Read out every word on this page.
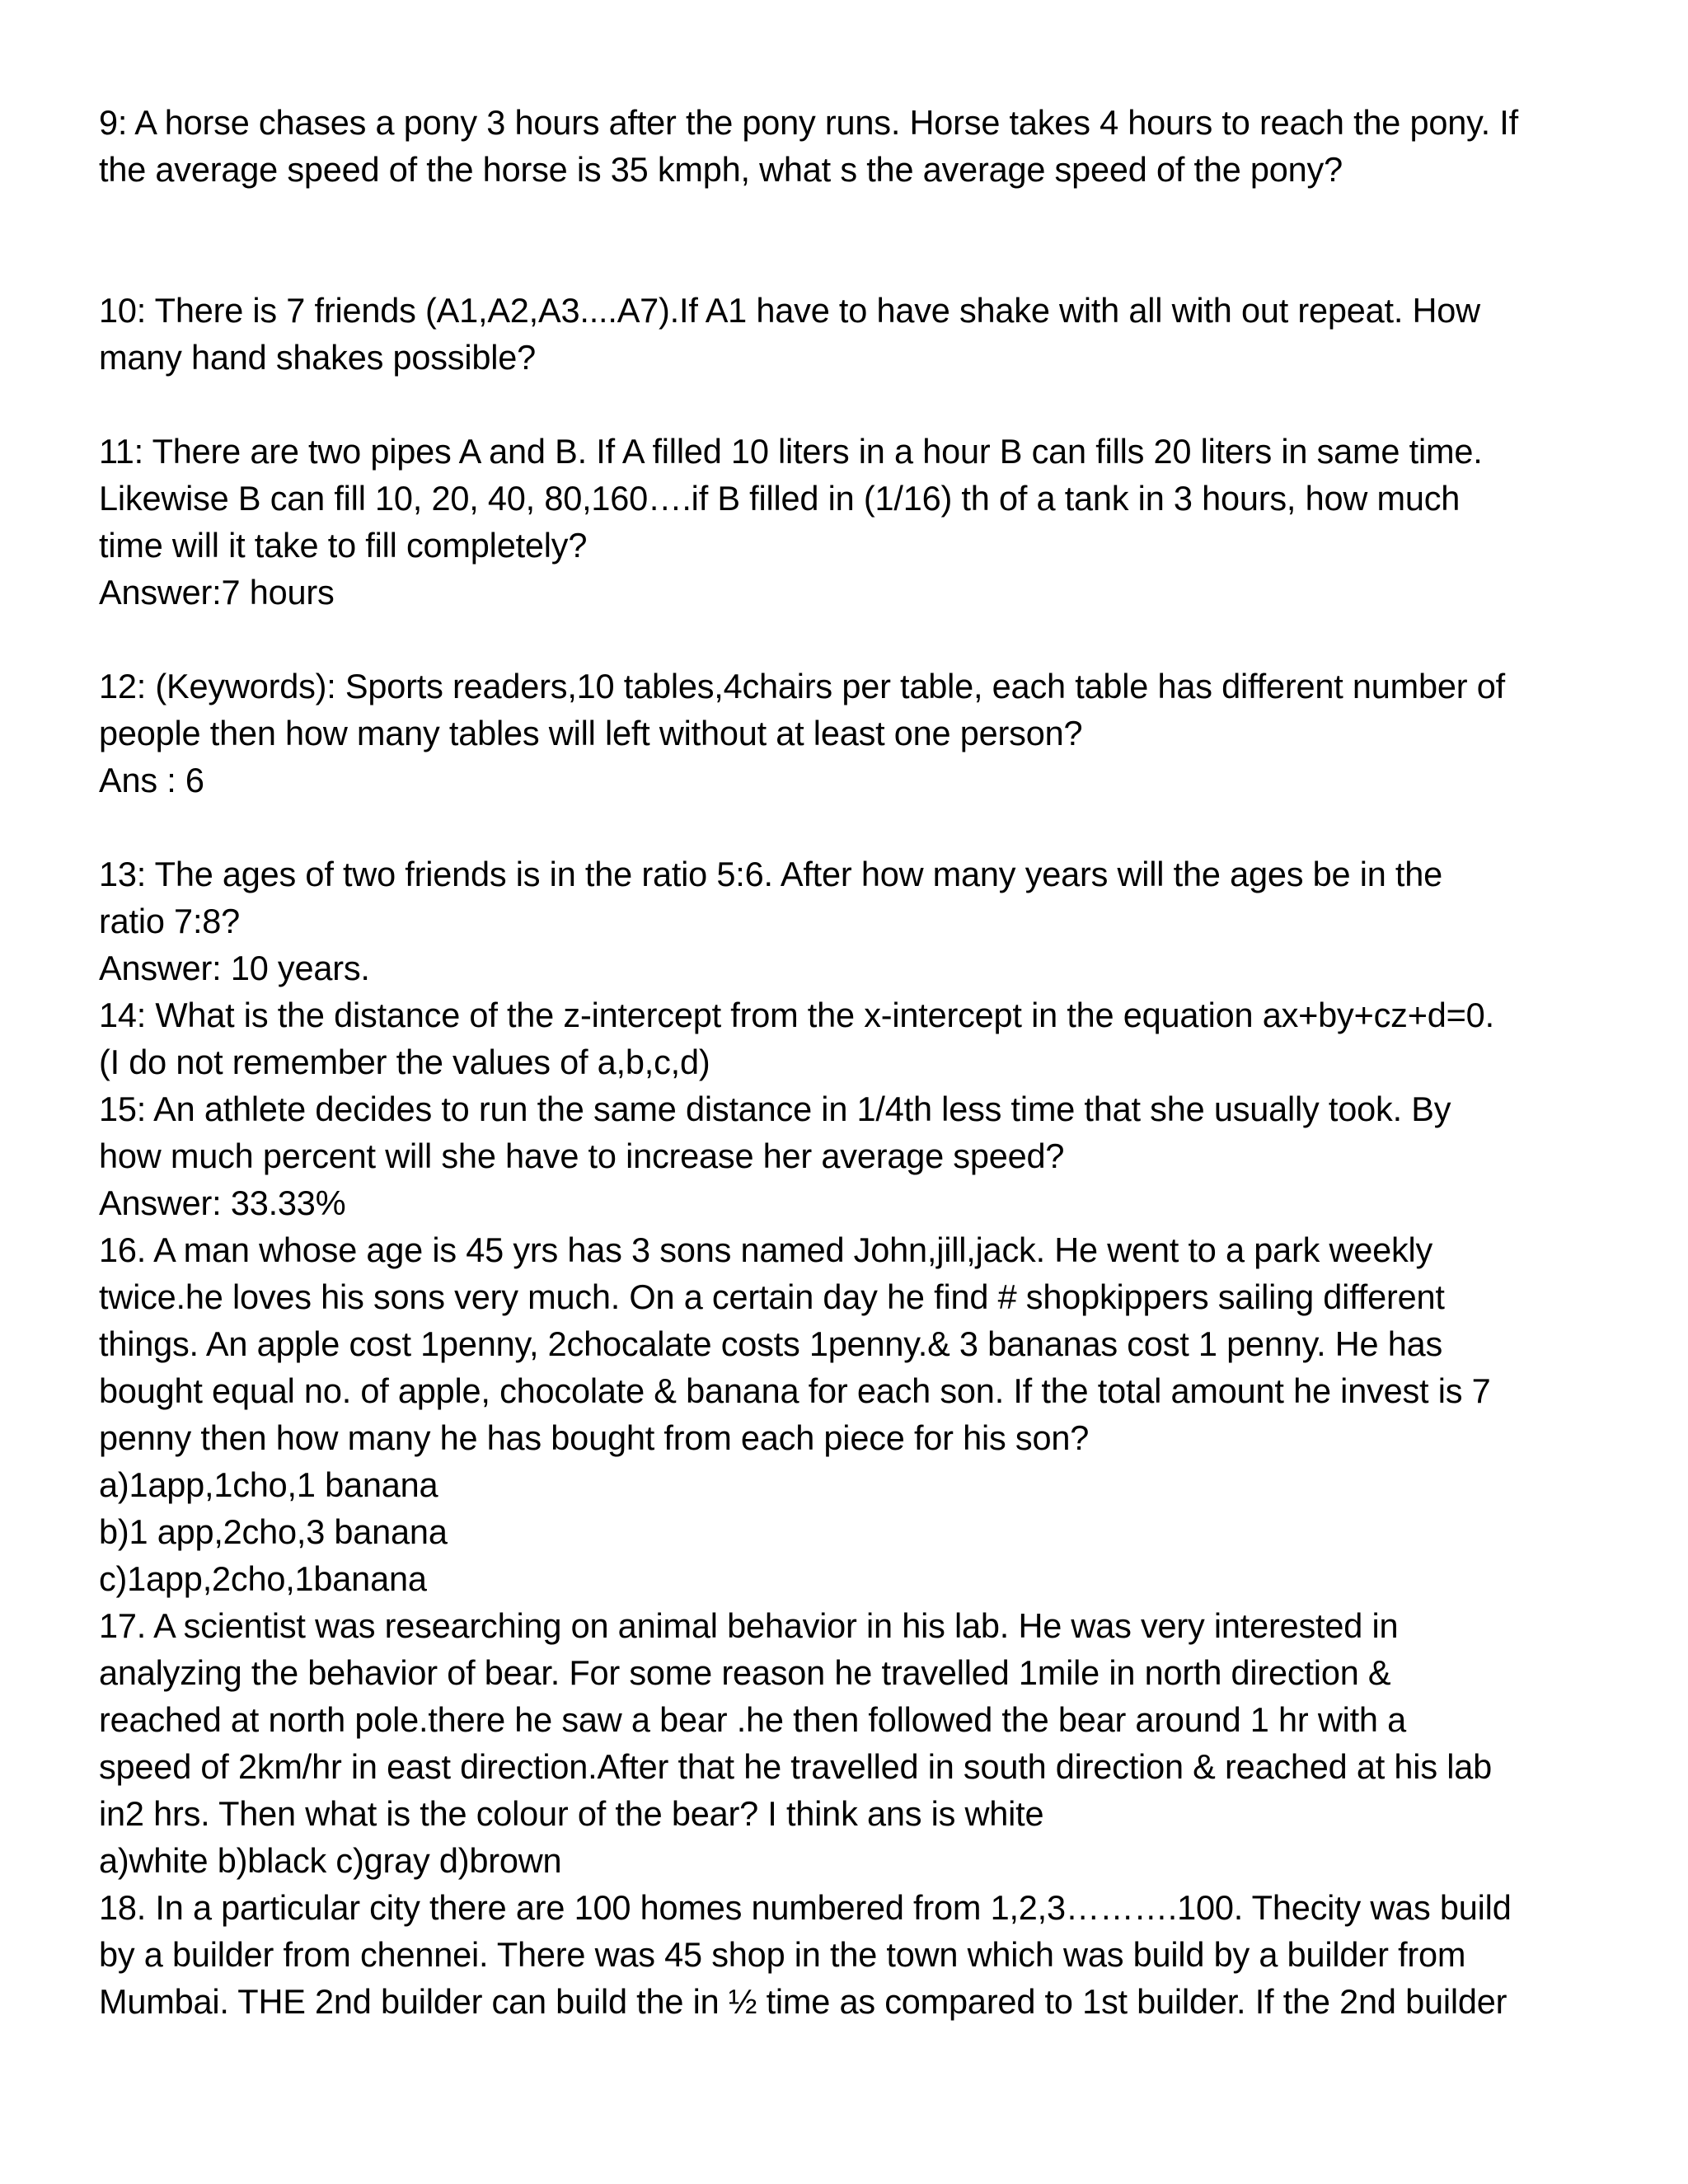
9: A horse chases a pony 3 hours after the pony runs. Horse takes 4 hours to reach the pony. If
the average speed of the horse is 35 kmph, what s the average speed of the pony?
10: There is 7 friends (A1,A2,A3....A7).If A1 have to have shake with all with out repeat. How
many hand shakes possible?
11: There are two pipes A and B. If A filled 10 liters in a hour B can fills 20 liters in same time.
Likewise B can fill 10, 20, 40, 80,160….if B filled in (1/16) th of a tank in 3 hours, how much
time will it take to fill completely?
Answer:7 hours
12: (Keywords): Sports readers,10 tables,4chairs per table, each table has different number of
people then how many tables will left without at least one person?
Ans : 6
13: The ages of two friends is in the ratio 5:6. After how many years will the ages be in the
ratio 7:8?
Answer: 10 years.
14: What is the distance of the z-intercept from the x-intercept in the equation ax+by+cz+d=0.
(I do not remember the values of a,b,c,d)
15: An athlete decides to run the same distance in 1/4th less time that she usually took. By
how much percent will she have to increase her average speed?
Answer: 33.33%
16. A man whose age is 45 yrs has 3 sons named John,jill,jack. He went to a park weekly
twice.he loves his sons very much. On a certain day he find # shopkippers sailing different
things. An apple cost 1penny, 2chocalate costs 1penny.& 3 bananas cost 1 penny. He has
bought equal no. of apple, chocolate & banana for each son. If the total amount he invest is 7
penny then how many he has bought from each piece for his son?
a)1app,1cho,1 banana
b)1 app,2cho,3 banana
c)1app,2cho,1banana
17. A scientist was researching on animal behavior in his lab. He was very interested in
analyzing the behavior of bear. For some reason he travelled 1mile in north direction &
reached at north pole.there he saw a bear .he then followed the bear around 1 hr with a
speed of 2km/hr in east direction.After that he travelled in south direction & reached at his lab
in2 hrs. Then what is the colour of the bear? I think ans is white
a)white b)black c)gray d)brown
18. In a particular city there are 100 homes numbered from 1,2,3……….100. Thecity was build
by a builder from chennei. There was 45 shop in the town which was build by a builder from
Mumbai. THE 2nd builder can build the in ½ time as compared to 1st builder. If the 2nd builder
